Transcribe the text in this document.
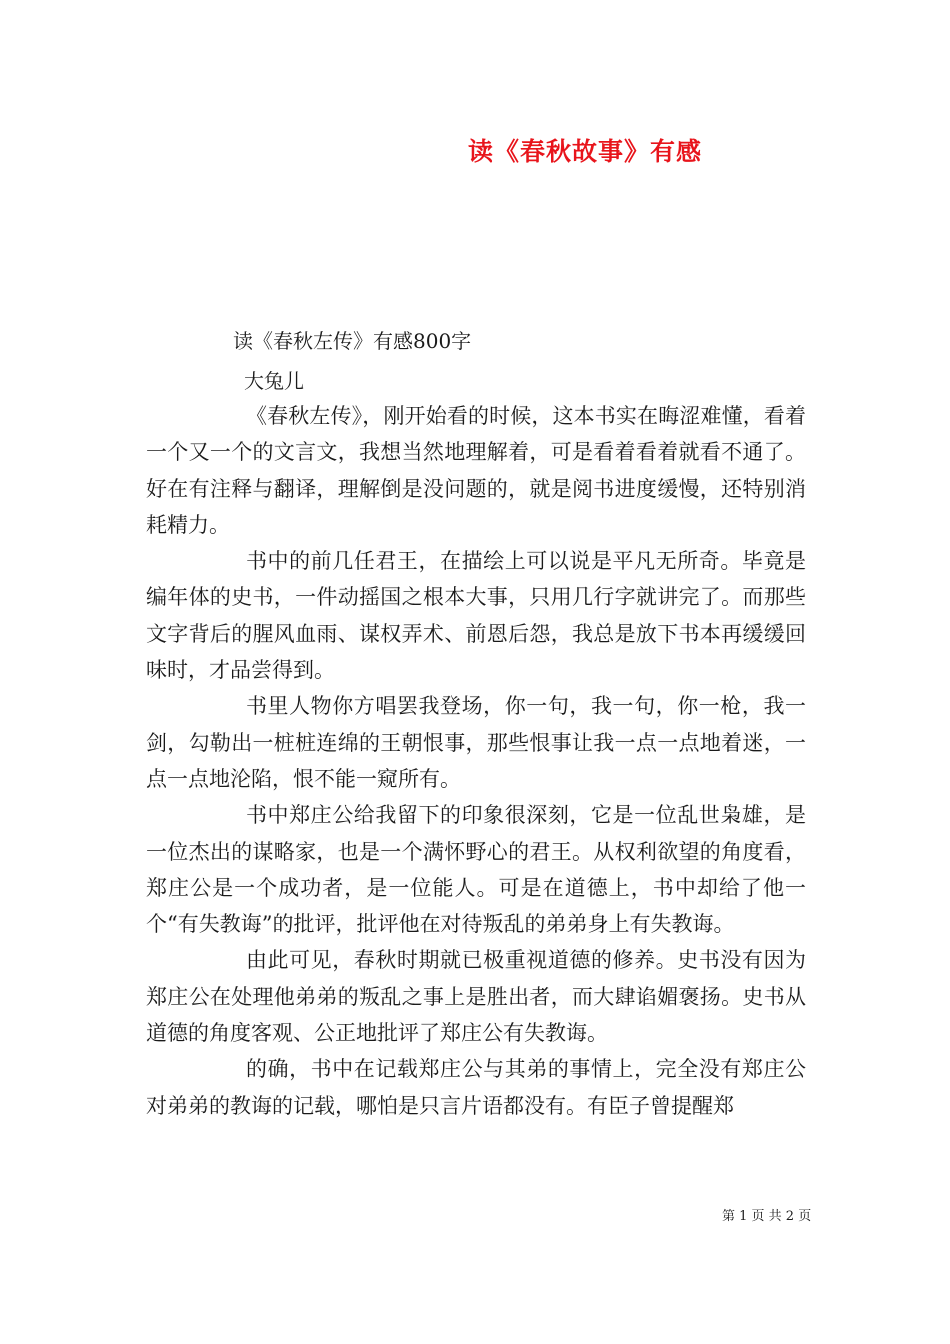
读《春秋故事》有感
读《春秋左传》有感800字
大兔儿

《春秋左传》，刚开始看的时候，这本书实在晦涩难懂，看着一个又一个的文言文，我想当然地理解着，可是看着看着就看不通了。好在有注释与翻译，理解倒是没问题的，就是阅书进度缓慢，还特别消耗精力。

书中的前几任君王，在描绘上可以说是平凡无所奇。毕竟是编年体的史书，一件动摇国之根本大事，只用几行字就讲完了。而那些文字背后的腥风血雨、谋权弄术、前恩后怨，我总是放下书本再缓缓回味时，才品尝得到。

书里人物你方唱罢我登场，你一句，我一句，你一枪，我一剑，勾勒出一桩桩连绵的王朝恨事，那些恨事让我一点一点地着迷，一点一点地沦陷，恨不能一窥所有。

书中郑庄公给我留下的印象很深刻，它是一位乱世枭雄，是一位杰出的谋略家，也是一个满怀野心的君王。从权利欲望的角度看，郑庄公是一个成功者，是一位能人。可是在道德上，书中却给了他一个“有失教诲”的批评，批评他在对待叛乱的弟弟身上有失教诲。

由此可见，春秋时期就已极重视道德的修养。史书没有因为郑庄公在处理他弟弟的叛乱之事上是胜出者，而大肆谄媚褒扬。史书从道德的角度客观、公正地批评了郑庄公有失教诲。

的确，书中在记载郑庄公与其弟的事情上，完全没有郑庄公对弟弟的教诲的记载，哪怕是只言片语都没有。有臣子曾提醒郑

第 1 页 共 2 页
